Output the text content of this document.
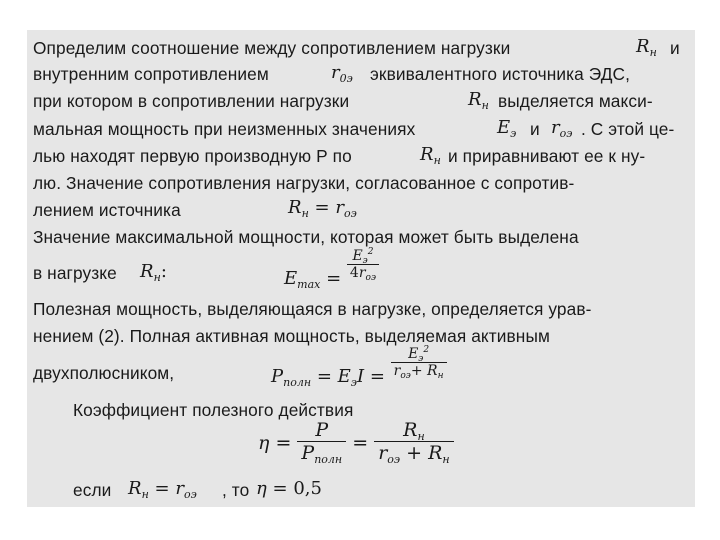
Определим соотношение между сопротивлением нагрузки	$R_н$ и
внутренним сопротивлением	$r_{0э}$ эквивалентного источника ЭДС,
при котором в сопротивлении нагрузки	$R_н$ выделяется макси-
мальная мощность при неизменных значениях	$E_э$ и $r_{оэ}$ . С этой це-
лью находят первую производную Р по	$R_н$ и приравнивают ее к ну-
лю. Значение сопротивления нагрузки, согласованное с сопротив-
лением источника	$R_н = r_{оэ}$
Значение максимальной мощности, которая может быть выделена
в нагрузке $R_н$:	$E_{max} = \frac{E_э^2}{4r_{оэ}}$
Полезная мощность, выделяющаяся в нагрузке, определяется урав-
нением (2). Полная активная мощность, выделяемая активным
двухполюсником,	$P_{полн} = E_эI = \frac{E_э^2}{r_{оэ}+ R_н}$
Коэффициент полезного действия
$\eta = \frac{P}{P_{полн}} = \frac{R_н}{r_{оэ} + R_н}$
если $R_н = r_{оэ}$ , то η = 0,5
